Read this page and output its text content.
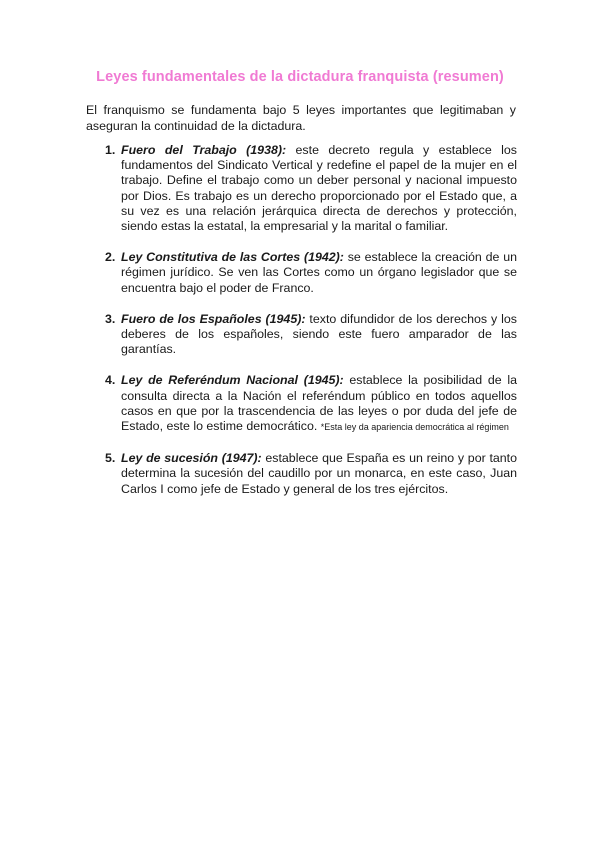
Leyes fundamentales de la dictadura franquista (resumen)
El franquismo se fundamenta bajo 5 leyes importantes que legitimaban y aseguran la continuidad de la dictadura.
1. Fuero del Trabajo (1938): este decreto regula y establece los fundamentos del Sindicato Vertical y redefine el papel de la mujer en el trabajo. Define el trabajo como un deber personal y nacional impuesto por Dios. Es trabajo es un derecho proporcionado por el Estado que, a su vez es una relación jerárquica directa de derechos y protección, siendo estas la estatal, la empresarial y la marital o familiar.
2. Ley Constitutiva de las Cortes (1942): se establece la creación de un régimen jurídico. Se ven las Cortes como un órgano legislador que se encuentra bajo el poder de Franco.
3. Fuero de los Españoles (1945): texto difundidor de los derechos y los deberes de los españoles, siendo este fuero amparador de las garantías.
4. Ley de Referéndum Nacional (1945): establece la posibilidad de la consulta directa a la Nación el referéndum público en todos aquellos casos en que por la trascendencia de las leyes o por duda del jefe de Estado, este lo estime democrático. *Esta ley da apariencia democrática al régimen
5. Ley de sucesión (1947): establece que España es un reino y por tanto determina la sucesión del caudillo por un monarca, en este caso, Juan Carlos I como jefe de Estado y general de los tres ejércitos.
